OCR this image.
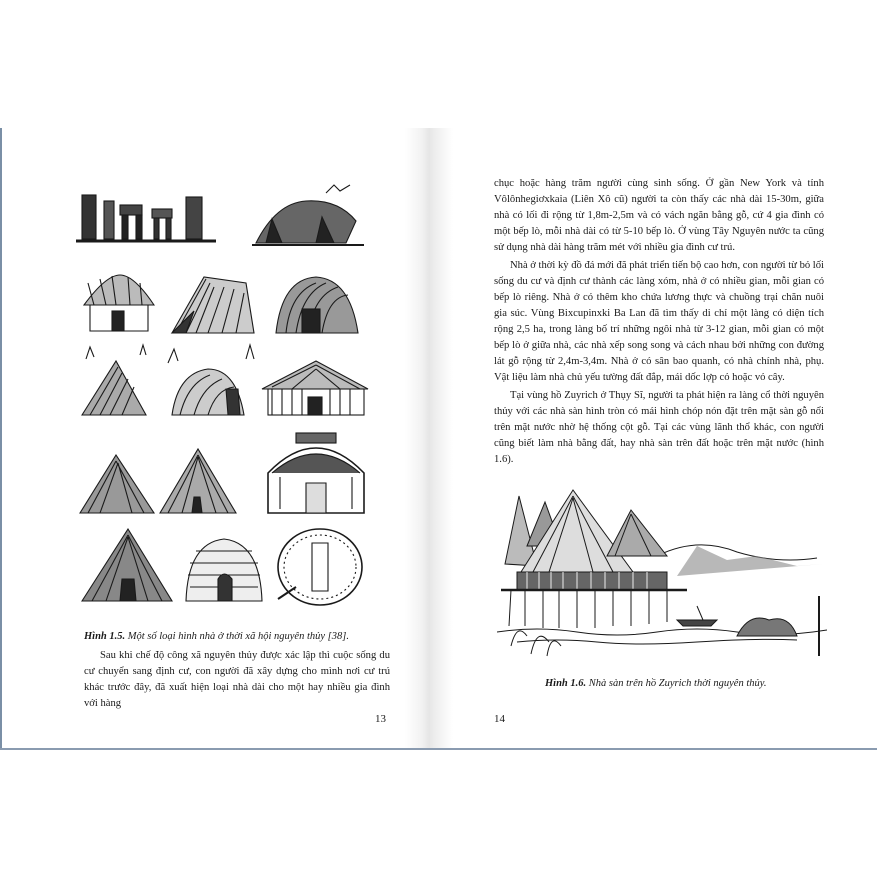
Hình 1.5. Một số loại hình nhà ở thời xã hội nguyên thủy [38].

Sau khi chế độ công xã nguyên thủy được xác lập thì cuộc sống du cư chuyển sang định cư, con người đã xây dựng cho mình nơi cư trú khác trước đây, đã xuất hiện loại nhà dài cho một hay nhiều gia đình với hàng

13

chục hoặc hàng trăm người cùng sinh sống. Ở gần New York và tỉnh Vôlônhegiơxkaia (Liên Xô cũ) người ta còn thấy các nhà dài 15-30m, giữa nhà có lối đi rộng từ 1,8m-2,5m và có vách ngăn bằng gỗ, cứ 4 gia đình có một bếp lò, mỗi nhà dài có từ 5-10 bếp lò. Ở vùng Tây Nguyên nước ta cũng sử dụng nhà dài hàng trăm mét với nhiều gia đình cư trú.

Nhà ở thời kỳ đồ đá mới đã phát triển tiến bộ cao hơn, con người từ bỏ lối sống du cư và định cư thành các làng xóm, nhà ở có nhiều gian, mỗi gian có bếp lò riêng. Nhà ở có thêm kho chứa lương thực và chuồng trại chăn nuôi gia súc. Vùng Bixcupinxki Ba Lan đã tìm thấy di chỉ một làng có diện tích rộng 2,5 ha, trong làng bố trí những ngôi nhà từ 3-12 gian, mỗi gian có một bếp lò ở giữa nhà, các nhà xếp song song và cách nhau bởi những con đường lát gỗ rộng từ 2,4m-3,4m. Nhà ở có sân bao quanh, có nhà chính nhà, phụ. Vật liệu làm nhà chủ yếu tường đất đắp, mái dốc lợp cỏ hoặc vỏ cây.

Tại vùng hồ Zuyrich ở Thụy Sĩ, người ta phát hiện ra làng cổ thời nguyên thủy với các nhà sàn hình tròn có mái hình chóp nón đặt trên mặt sàn gỗ nổi trên mặt nước nhờ hệ thống cột gỗ. Tại các vùng lãnh thổ khác, con người cũng biết làm nhà bằng đất, hay nhà sàn trên đất hoặc trên mặt nước (hình 1.6).

Hình 1.6. Nhà sàn trên hồ Zuyrich thời nguyên thủy.
14
